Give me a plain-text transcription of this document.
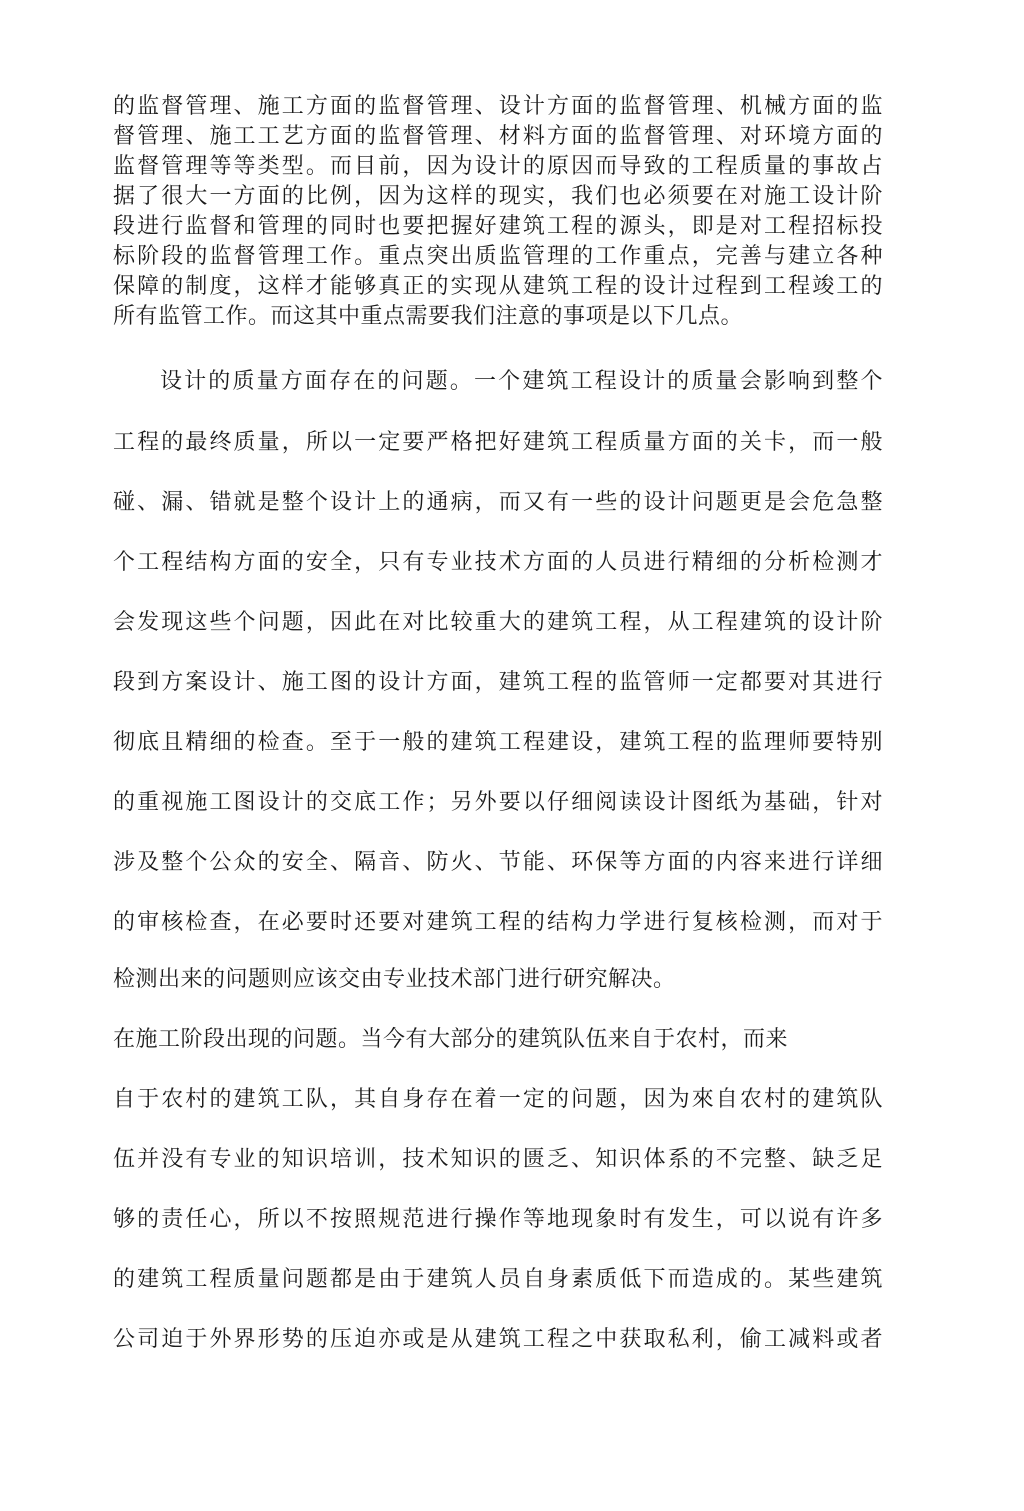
的监督管理、施工方面的监督管理、设计方面的监督管理、机械方面的监
督管理、施工工艺方面的监督管理、材料方面的监督管理、对环境方面的
监督管理等等类型。而目前，因为设计的原因而导致的工程质量的事故占
据了很大一方面的比例，因为这样的现实，我们也必须要在对施工设计阶
段进行监督和管理的同时也要把握好建筑工程的源头，即是对工程招标投
标阶段的监督管理工作。重点突出质监管理的工作重点，完善与建立各种
保障的制度，这样才能够真正的实现从建筑工程的设计过程到工程竣工的
所有监管工作。而这其中重点需要我们注意的事项是以下几点。
设计的质量方面存在的问题。一个建筑工程设计的质量会影响到整个
工程的最终质量，所以一定要严格把好建筑工程质量方面的关卡，而一般
碰、漏、错就是整个设计上的通病，而又有一些的设计问题更是会危急整
个工程结构方面的安全，只有专业技术方面的人员进行精细的分析检测才
会发现这些个问题，因此在对比较重大的建筑工程，从工程建筑的设计阶
段到方案设计、施工图的设计方面，建筑工程的监管师一定都要对其进行
彻底且精细的检查。至于一般的建筑工程建设，建筑工程的监理师要特别
的重视施工图设计的交底工作；另外要以仔细阅读设计图纸为基础，针对
涉及整个公众的安全、隔音、防火、节能、环保等方面的内容来进行详细
的审核检查，在必要时还要对建筑工程的结构力学进行复核检测，而对于
检测出来的问题则应该交由专业技术部门进行研究解决。
在施工阶段出现的问题。当今有大部分的建筑队伍来自于农村，而来
自于农村的建筑工队，其自身存在着一定的问题，因为來自农村的建筑队
伍并没有专业的知识培训，技术知识的匮乏、知识体系的不完整、缺乏足
够的责任心，所以不按照规范进行操作等地现象时有发生，可以说有许多
的建筑工程质量问题都是由于建筑人员自身素质低下而造成的。某些建筑
公司迫于外界形势的压迫亦或是从建筑工程之中获取私利，偷工减料或者
